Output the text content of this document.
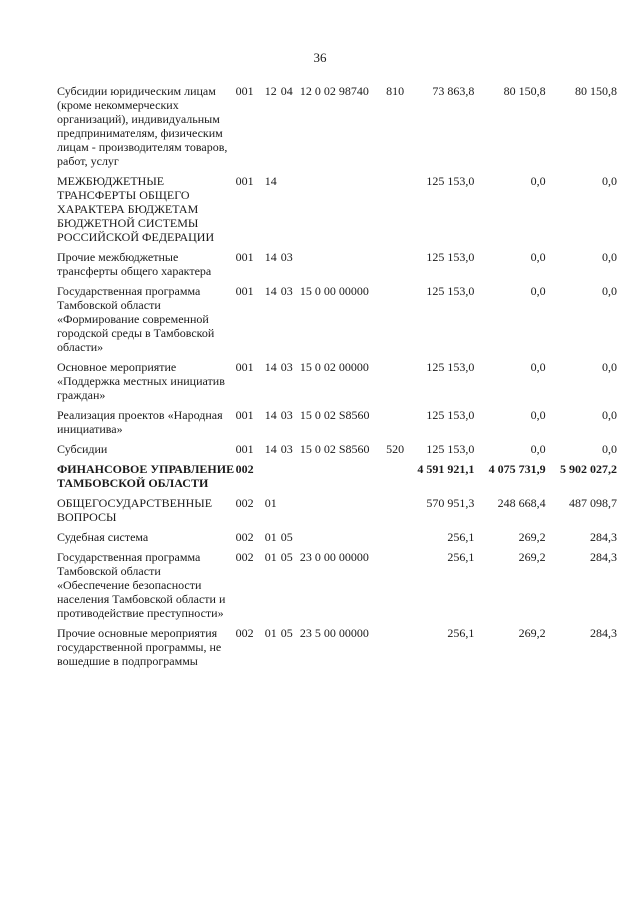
36
Субсидии юридическим лицам (кроме некоммерческих организаций), индивидуальным предпринимателям, физическим лицам - производителям товаров, работ, услуг	001	12	04	12 0 02 98740	810	73 863,8	80 150,8	80 150,8
МЕЖБЮДЖЕТНЫЕ ТРАНСФЕРТЫ ОБЩЕГО ХАРАКТЕРА БЮДЖЕТАМ БЮДЖЕТНОЙ СИСТЕМЫ РОССИЙСКОЙ ФЕДЕРАЦИИ	001	14				125 153,0	0,0	0,0
Прочие межбюджетные трансферты общего характера	001	14	03			125 153,0	0,0	0,0
Государственная программа Тамбовской области «Формирование современной городской среды в Тамбовской области»	001	14	03	15 0 00 00000		125 153,0	0,0	0,0
Основное мероприятие «Поддержка местных инициатив граждан»	001	14	03	15 0 02 00000		125 153,0	0,0	0,0
Реализация проектов «Народная инициатива»	001	14	03	15 0 02 S8560		125 153,0	0,0	0,0
Субсидии	001	14	03	15 0 02 S8560	520	125 153,0	0,0	0,0
ФИНАНСОВОЕ УПРАВЛЕНИЕ ТАМБОВСКОЙ ОБЛАСТИ	002					4 591 921,1	4 075 731,9	5 902 027,2
ОБЩЕГОСУДАРСТВЕННЫЕ ВОПРОСЫ	002	01				570 951,3	248 668,4	487 098,7
Судебная система	002	01	05			256,1	269,2	284,3
Государственная программа Тамбовской области «Обеспечение безопасности населения Тамбовской области и противодействие преступности»	002	01	05	23 0 00 00000		256,1	269,2	284,3
Прочие основные мероприятия государственной программы, не вошедшие в подпрограммы	002	01	05	23 5 00 00000		256,1	269,2	284,3
